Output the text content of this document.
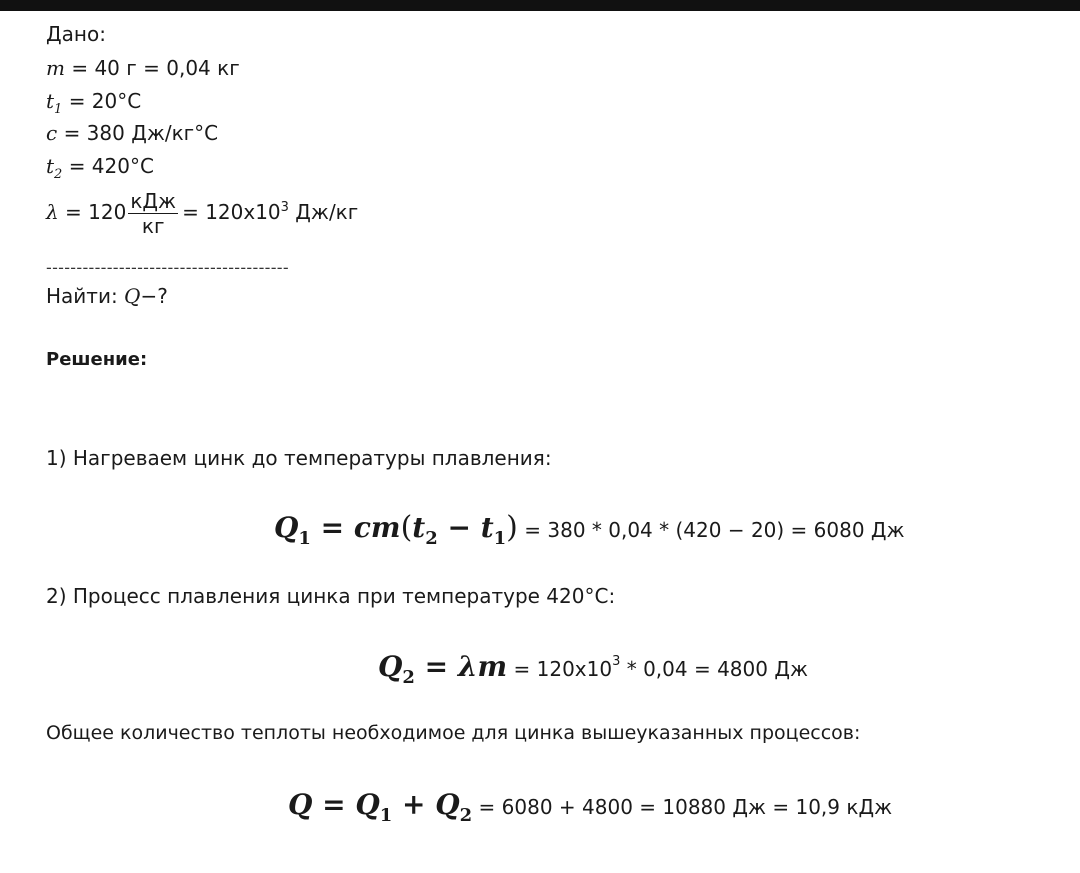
Дано:
m = 40 г = 0,04 кг
$t_1 = 20^\circ С$
c = 380 Дж/кг°С
$t_2 = 420^\circ С$
$\lambda = 120 \frac{\text{кДж}}{кг} = 120х10^3$ Дж/кг
----------------------------------------
Найти: Q−?
Решение:
1) Нагреваем цинк до температуры плавления:
$Q_1 = cm(t_2 - t_1) = 380 * 0,04 * (420 - 20) = 6080$ Дж
2) Процесс плавления цинка при температуре 420°С:
$Q_2 = \lambda m = 120х10^3 * 0,04 = 4800$ Дж
Общее количество теплоты необходимое для цинка вышеуказанных процессов:
$Q = Q_1 + Q_2 = 6080 + 4800 = 10880$ Дж = 10,9 кДж
